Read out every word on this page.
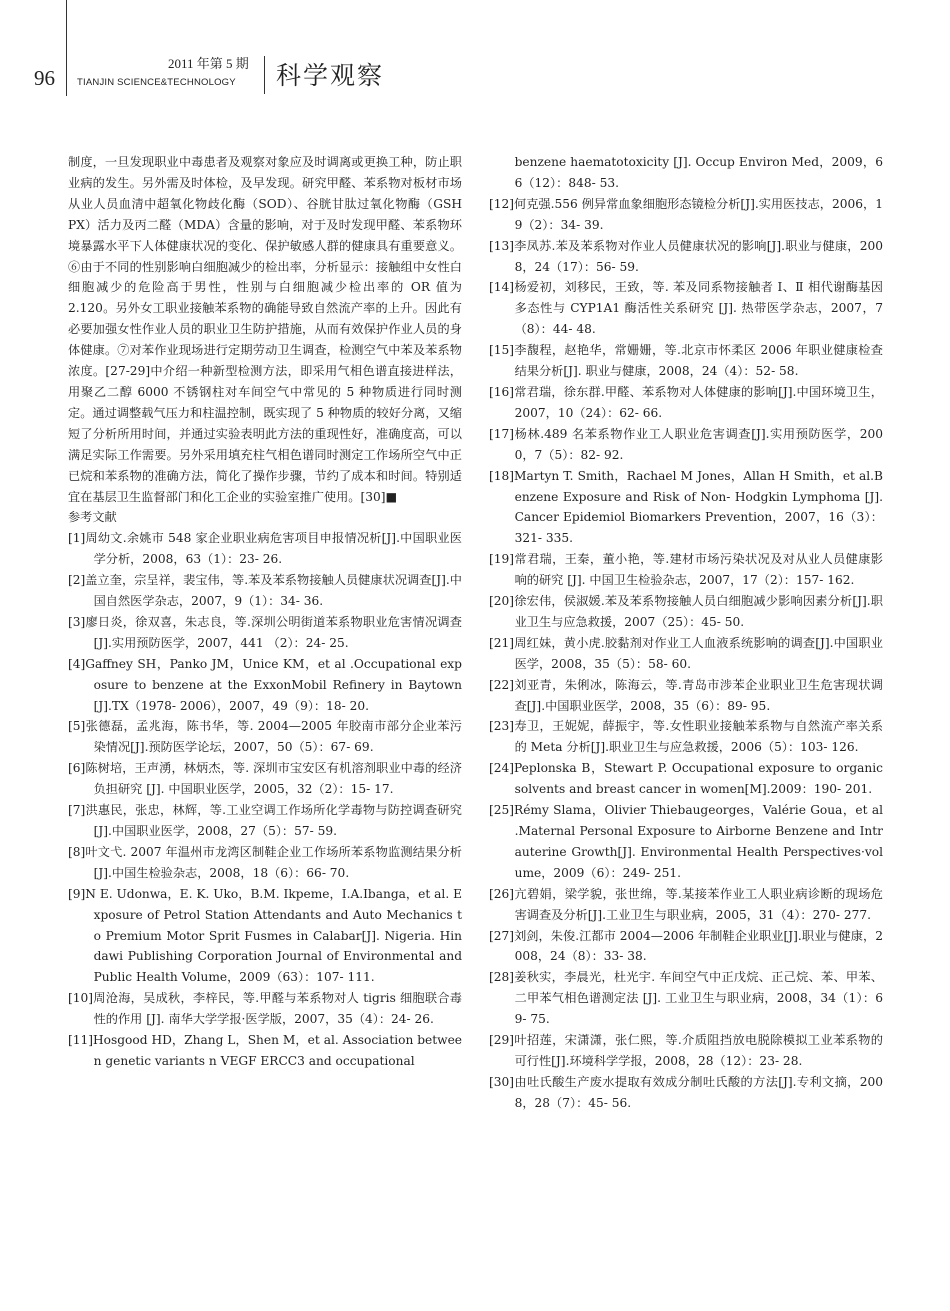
96
2011 年第 5 期
TIANJIN SCIENCE&TECHNOLOGY 科学观察

制度，一旦发现职业中毒患者及观察对象应及时调离或更换工种，防止职业病的发生。另外需及时体检，及早发现。研究甲醛、苯系物对板材市场从业人员血清中超氧化物歧化酶（SOD）、谷胱甘肽过氧化物酶（GSH PX）活力及丙二醛（MDA）含量的影响，对于及时发现甲醛、苯系物环境暴露水平下人体健康状况的变化、保护敏感人群的健康具有重要意义。⑥由于不同的性别影响白细胞减少的检出率，分析显示：接触组中女性白细胞减少的危险高于男性，性别与白细胞减少检出率的 OR 值为 2.120。另外女工职业接触苯系物的确能导致自然流产率的上升。因此有必要加强女性作业人员的职业卫生防护措施，从而有效保护作业人员的身体健康。⑦对苯作业现场进行定期劳动卫生调查，检测空气中苯及苯系物浓度。[27-29]中介绍一种新型检测方法，即采用气相色谱直接进样法，用聚乙二醇 6000 不锈钢柱对车间空气中常见的 5 种物质进行同时测定。通过调整载气压力和柱温控制，既实现了 5 种物质的较好分离，又缩短了分析所用时间，并通过实验表明此方法的重现性好，准确度高，可以满足实际工作需要。另外采用填充柱气相色谱同时测定工作场所空气中正已烷和苯系物的准确方法，简化了操作步骤，节约了成本和时间。特别适宜在基层卫生监督部门和化工企业的实验室推广使用。[30]■

参考文献

[1]周幼文.余姚市 548 家企业职业病危害项目申报情况析[J].中国职业医学分析，2008，63（1）：23- 26.

[2]盖立奎，宗呈祥，裴宝伟，等.苯及苯系物接触人员健康状况调查[J].中国自然医学杂志，2007，9（1）：34- 36.

[3]廖日炎，徐双喜，朱志良，等.深圳公明街道苯系物职业危害情况调查[J].实用预防医学，2007，441 （2）：24- 25.

[4]Gaffney SH，Panko JM，Unice KM，et al .Occupational exposure to benzene at the ExxonMobil Refinery in Baytown[J].TX（1978- 2006），2007，49（9）：18- 20.

[5]张德磊，孟兆海，陈书华，等. 2004—2005 年胶南市部分企业苯污染情况[J].预防医学论坛，2007，50（5）：67- 69.

[6]陈树培，王声湧，林炳杰，等. 深圳市宝安区有机溶剂职业中毒的经济负担研究 [J]. 中国职业医学，2005，32（2）：15- 17.

[7]洪惠民，张忠，林辉，等.工业空调工作场所化学毒物与防控调查研究[J].中国职业医学，2008，27（5）：57- 59.

[8]叶文弋. 2007 年温州市龙湾区制鞋企业工作场所苯系物监测结果分析[J].中国生检验杂志，2008，18（6）：66- 70.

[9]N E. Udonwa，E. K. Uko，B.M. Ikpeme，I.A.Ibanga，et al. Exposure of Petrol Station Attendants and Auto Mechanics to Premium Motor Sprit Fusmes in Calabar[J]. Nigeria. Hindawi Publishing Corporation Journal of Environmental and Public Health Volume，2009（63）：107- 111.

[10]周沧海，吴成秋，李梓民，等.甲醛与苯系物对人 tigris 细胞联合毒性的作用 [J]. 南华大学学报·医学版，2007，35（4）：24- 26.

[11]Hosgood HD，Zhang L，Shen M，et al. Association between genetic variants n VEGF ERCC3 and occupational

benzene haematotoxicity [J]. Occup Environ Med，2009，66（12）：848- 53.

[12]何克强.556 例异常血象细胞形态镜检分析[J].实用医技志，2006，19（2）：34- 39.

[13]李凤苏.苯及苯系物对作业人员健康状况的影响[J].职业与健康，2008，24（17）：56- 59.

[14]杨爱初，刘移民，王致，等. 苯及同系物接触者 Ⅰ、Ⅱ 相代谢酶基因多态性与 CYP1A1 酶活性关系研究 [J]. 热带医学杂志，2007，7（8）：44- 48.

[15]李馥程，赵艳华，常姗姗，等.北京市怀柔区 2006 年职业健康检查结果分析[J]. 职业与健康，2008，24（4）：52- 58.

[16]常君瑞，徐东群.甲醛、苯系物对人体健康的影响[J].中国环境卫生，2007，10（24）：62- 66.

[17]杨林.489 名苯系物作业工人职业危害调查[J].实用预防医学，2000，7（5）：82- 92.

[18]Martyn T. Smith，Rachael M Jones，Allan H Smith，et al.Benzene Exposure and Risk of Non- Hodgkin Lymphoma [J].Cancer Epidemiol Biomarkers Prevention，2007，16（3）：321- 335.

[19]常君瑞，王秦，董小艳，等.建材市场污染状况及对从业人员健康影响的研究 [J]. 中国卫生检验杂志，2007，17（2）：157- 162.

[20]徐宏伟，侯淑媛.苯及苯系物接触人员白细胞减少影响因素分析[J].职业卫生与应急救援，2007（25）：45- 50.

[21]周红妹，黄小虎.胶黏剂对作业工人血液系统影响的调查[J].中国职业医学，2008，35（5）：58- 60.

[22]刘亚青，朱俐冰，陈海云，等.青岛市涉苯企业职业卫生危害现状调查[J].中国职业医学，2008，35（6）：89- 95.

[23]寿卫，王妮妮，薛振宇，等.女性职业接触苯系物与自然流产率关系的 Meta 分析[J].职业卫生与应急救援，2006（5）：103- 126.

[24]Peplonska B，Stewart P. Occupational exposure to organic solvents and breast cancer in women[M].2009：190- 201.

[25]Rémy Slama，Olivier Thiebaugeorges，Valérie Goua，et al .Maternal Personal Exposure to Airborne Benzene and Intrauterine Growth[J]. Environmental Health Perspectives·volume，2009（6）：249- 251.

[26]亢碧娟，梁学貌，张世绵，等.某接苯作业工人职业病诊断的现场危害调查及分析[J].工业卫生与职业病，2005，31（4）：270- 277.

[27]刘剑，朱俊.江都市 2004—2006 年制鞋企业职业[J].职业与健康，2008，24（8）：33- 38.

[28]姜秋实，李晨光，杜光宇. 车间空气中正戊烷、正己烷、苯、甲苯、二甲苯气相色谱测定法 [J]. 工业卫生与职业病，2008，34（1）：69- 75.

[29]叶招莲，宋潇潇，张仁熙，等.介质阻挡放电脱除模拟工业苯系物的可行性[J].环境科学学报，2008，28（12）：23- 28.

[30]由吐氏酸生产废水提取有效成分制吐氏酸的方法[J].专利文摘，2008，28（7）：45- 56.
